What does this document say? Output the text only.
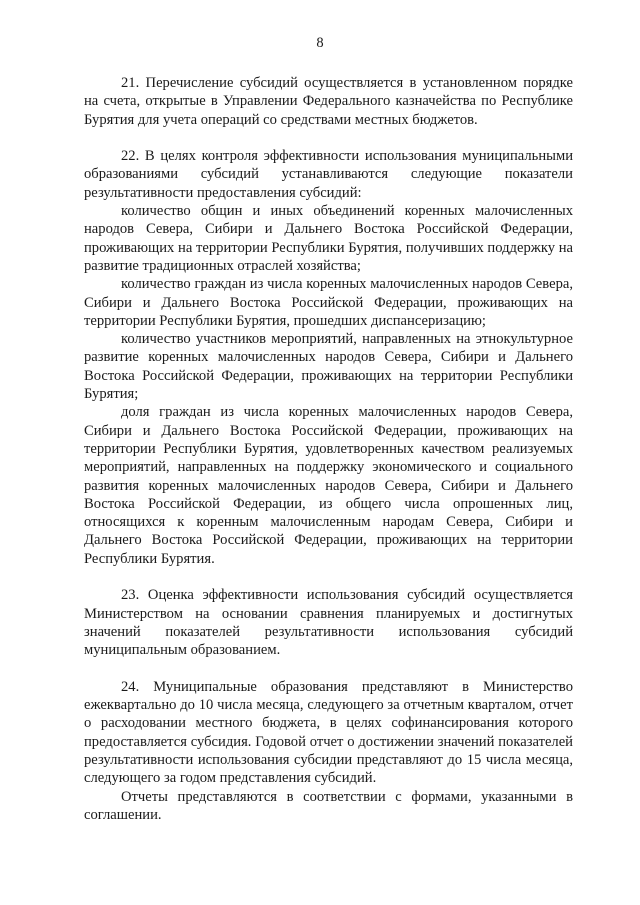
8

21. Перечисление субсидий осуществляется в установленном порядке на счета, открытые в Управлении Федерального казначейства по Республике Бурятия для учета операций со средствами местных бюджетов.

22. В целях контроля эффективности использования муниципальными образованиями субсидий устанавливаются следующие показатели результативности предоставления субсидий:

количество общин и иных объединений коренных малочисленных народов Севера, Сибири и Дальнего Востока Российской Федерации, проживающих на территории Республики Бурятия, получивших поддержку на развитие традиционных отраслей хозяйства;

количество граждан из числа коренных малочисленных народов Севера, Сибири и Дальнего Востока Российской Федерации, проживающих на территории Республики Бурятия, прошедших диспансеризацию;

количество участников мероприятий, направленных на этнокультурное развитие коренных малочисленных народов Севера, Сибири и Дальнего Востока Российской Федерации, проживающих на территории Республики Бурятия;

доля граждан из числа коренных малочисленных народов Севера, Сибири и Дальнего Востока Российской Федерации, проживающих на территории Республики Бурятия, удовлетворенных качеством реализуемых мероприятий, направленных на поддержку экономического и социального развития коренных малочисленных народов Севера, Сибири и Дальнего Востока Российской Федерации, из общего числа опрошенных лиц, относящихся к коренным малочисленным народам Севера, Сибири и Дальнего Востока Российской Федерации, проживающих на территории Республики Бурятия.

23. Оценка эффективности использования субсидий осуществляется Министерством на основании сравнения планируемых и достигнутых значений показателей результативности использования субсидий муниципальным образованием.

24. Муниципальные образования представляют в Министерство ежеквартально до 10 числа месяца, следующего за отчетным кварталом, отчет о расходовании местного бюджета, в целях софинансирования которого предоставляется субсидия. Годовой отчет о достижении значений показателей результативности использования субсидии представляют до 15 числа месяца, следующего за годом представления субсидий.

Отчеты представляются в соответствии с формами, указанными в соглашении.
